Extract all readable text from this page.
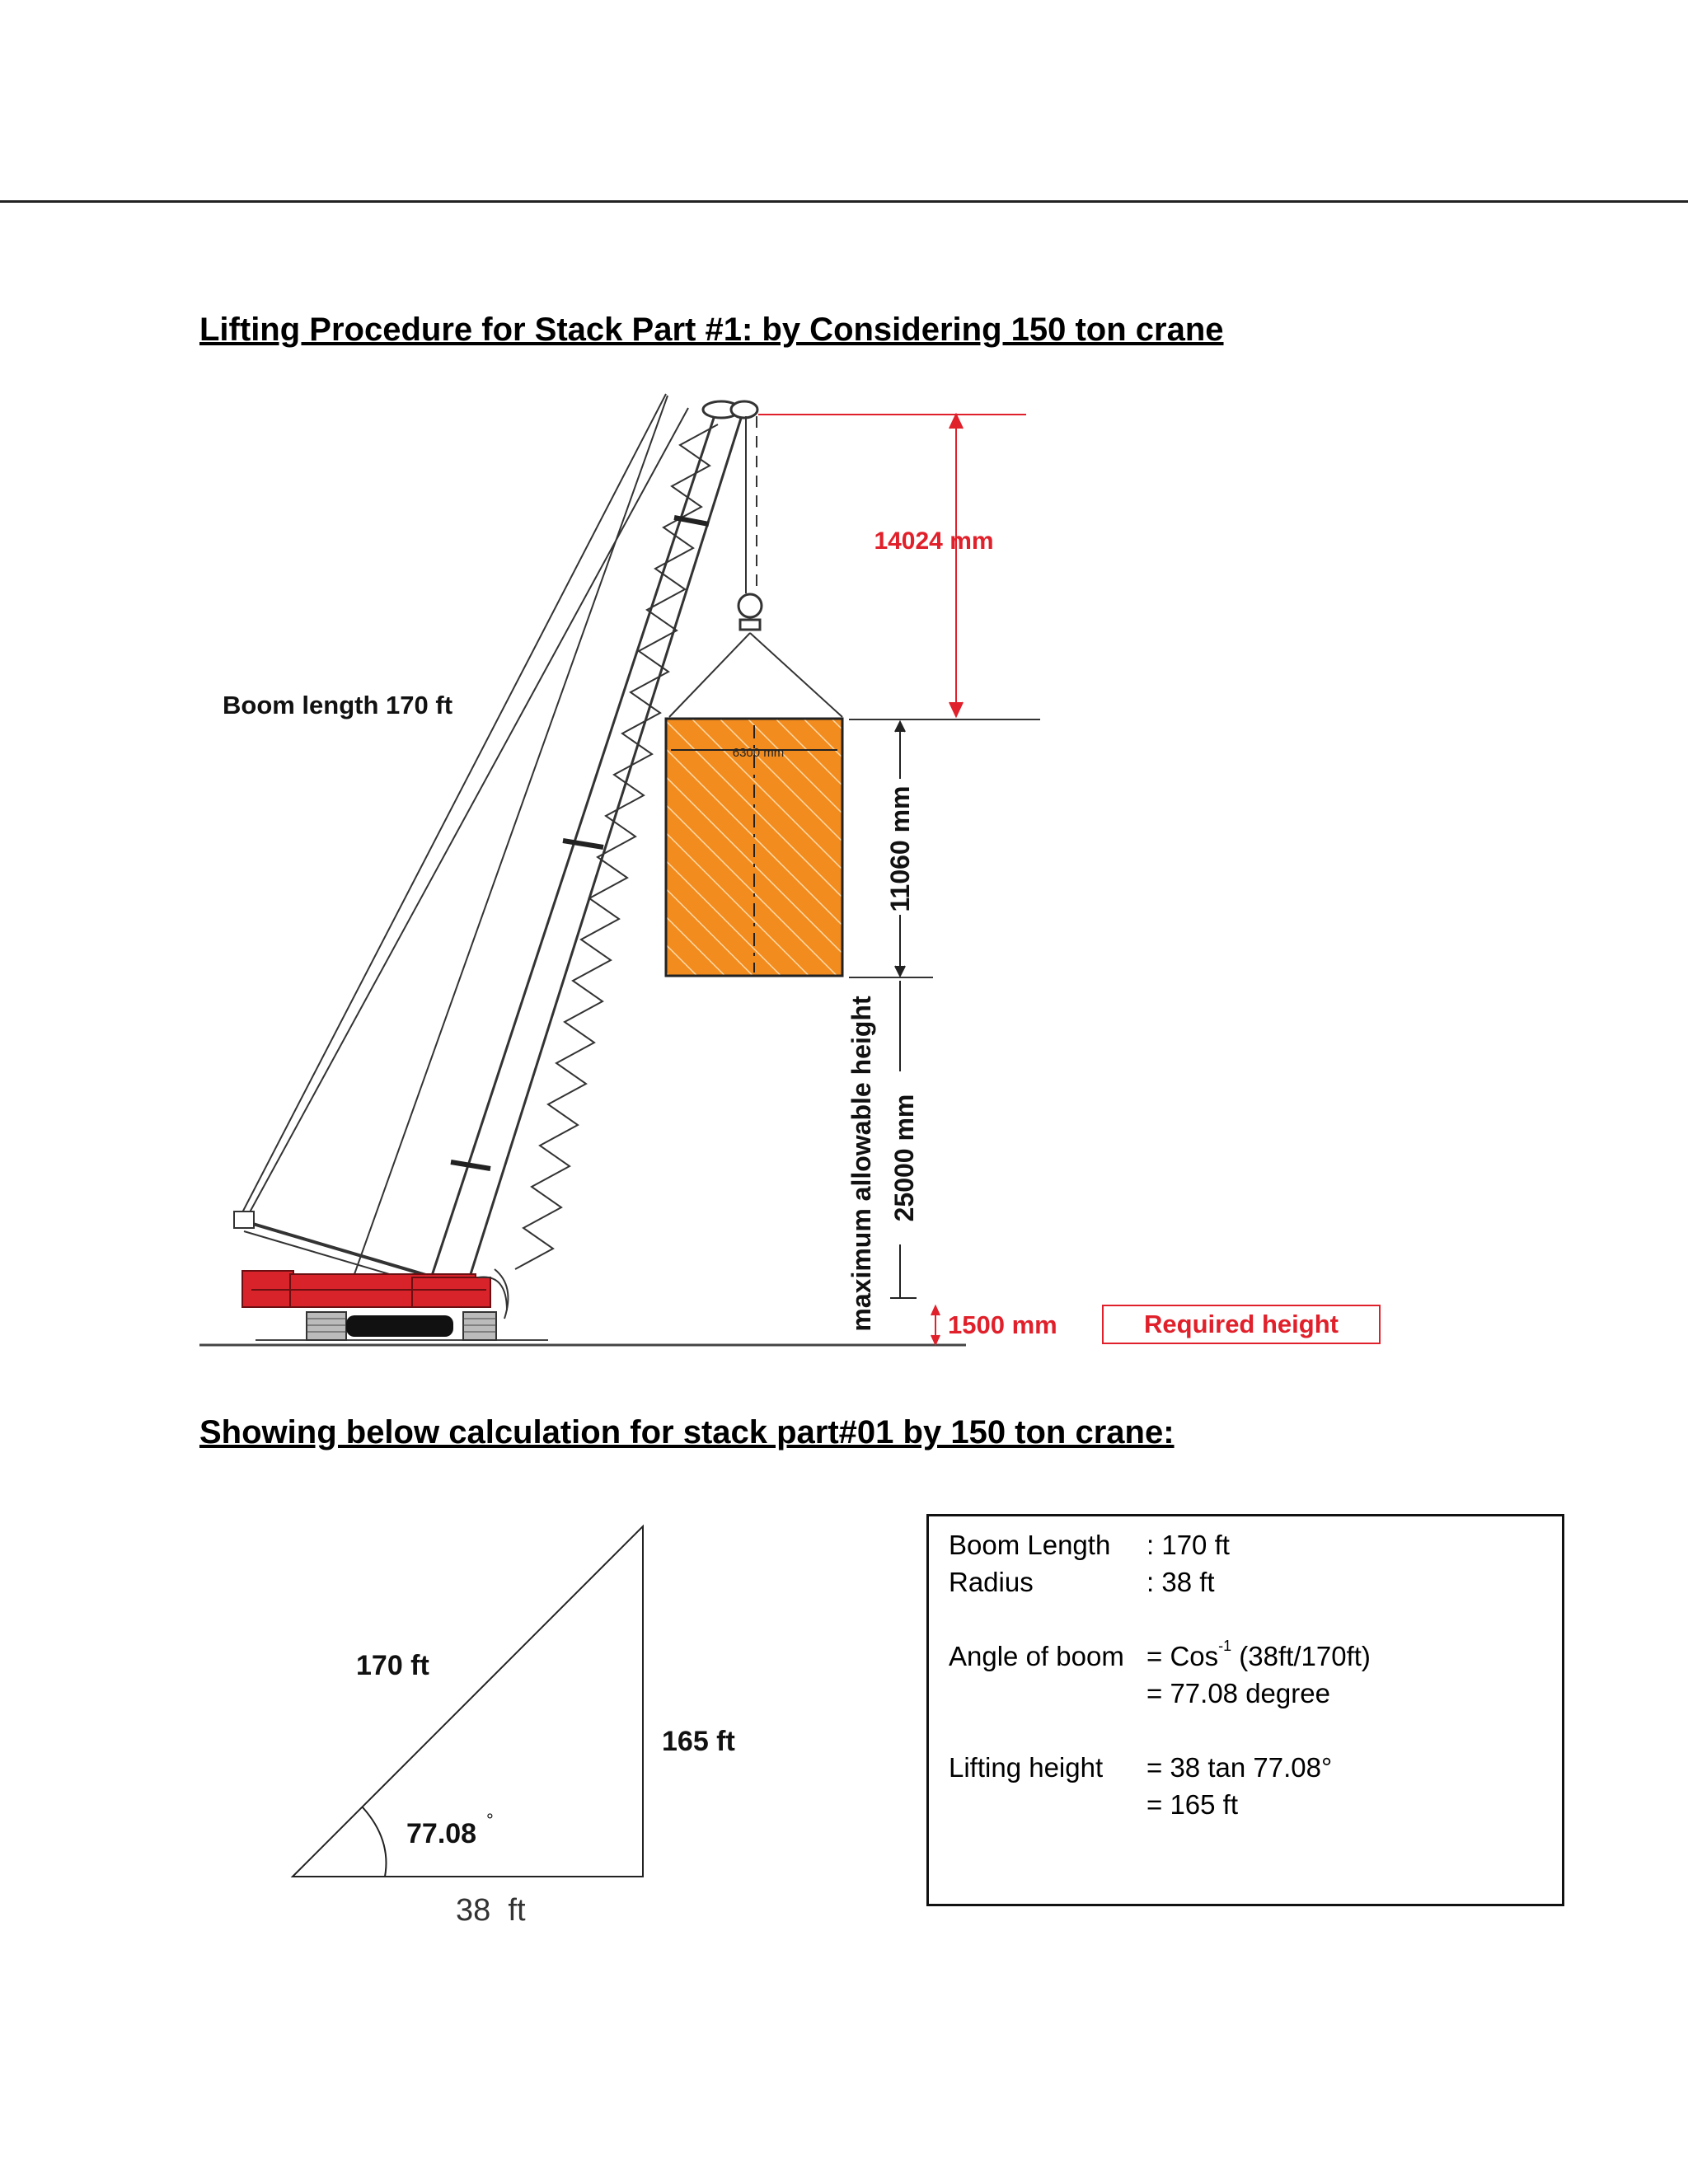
Lifting Procedure for Stack Part #1: by Considering 150 ton crane
6300 mm
14024 mm
11060 mm
25000 mm
maximum allowable height	1500 mm	Required height
Boom length 170 ft
Showing below calculation for stack part#01 by 150 ton crane:
170 ft
165 ft
77.08 °
38  ft
Boom Length : 170 ft
Radius	: 38 ft
Angle of boom = Cos$^{-1}$ (38ft/170ft)
= 77.08 degree
Lifting height = 38 tan 77.08°
= 165 ft
